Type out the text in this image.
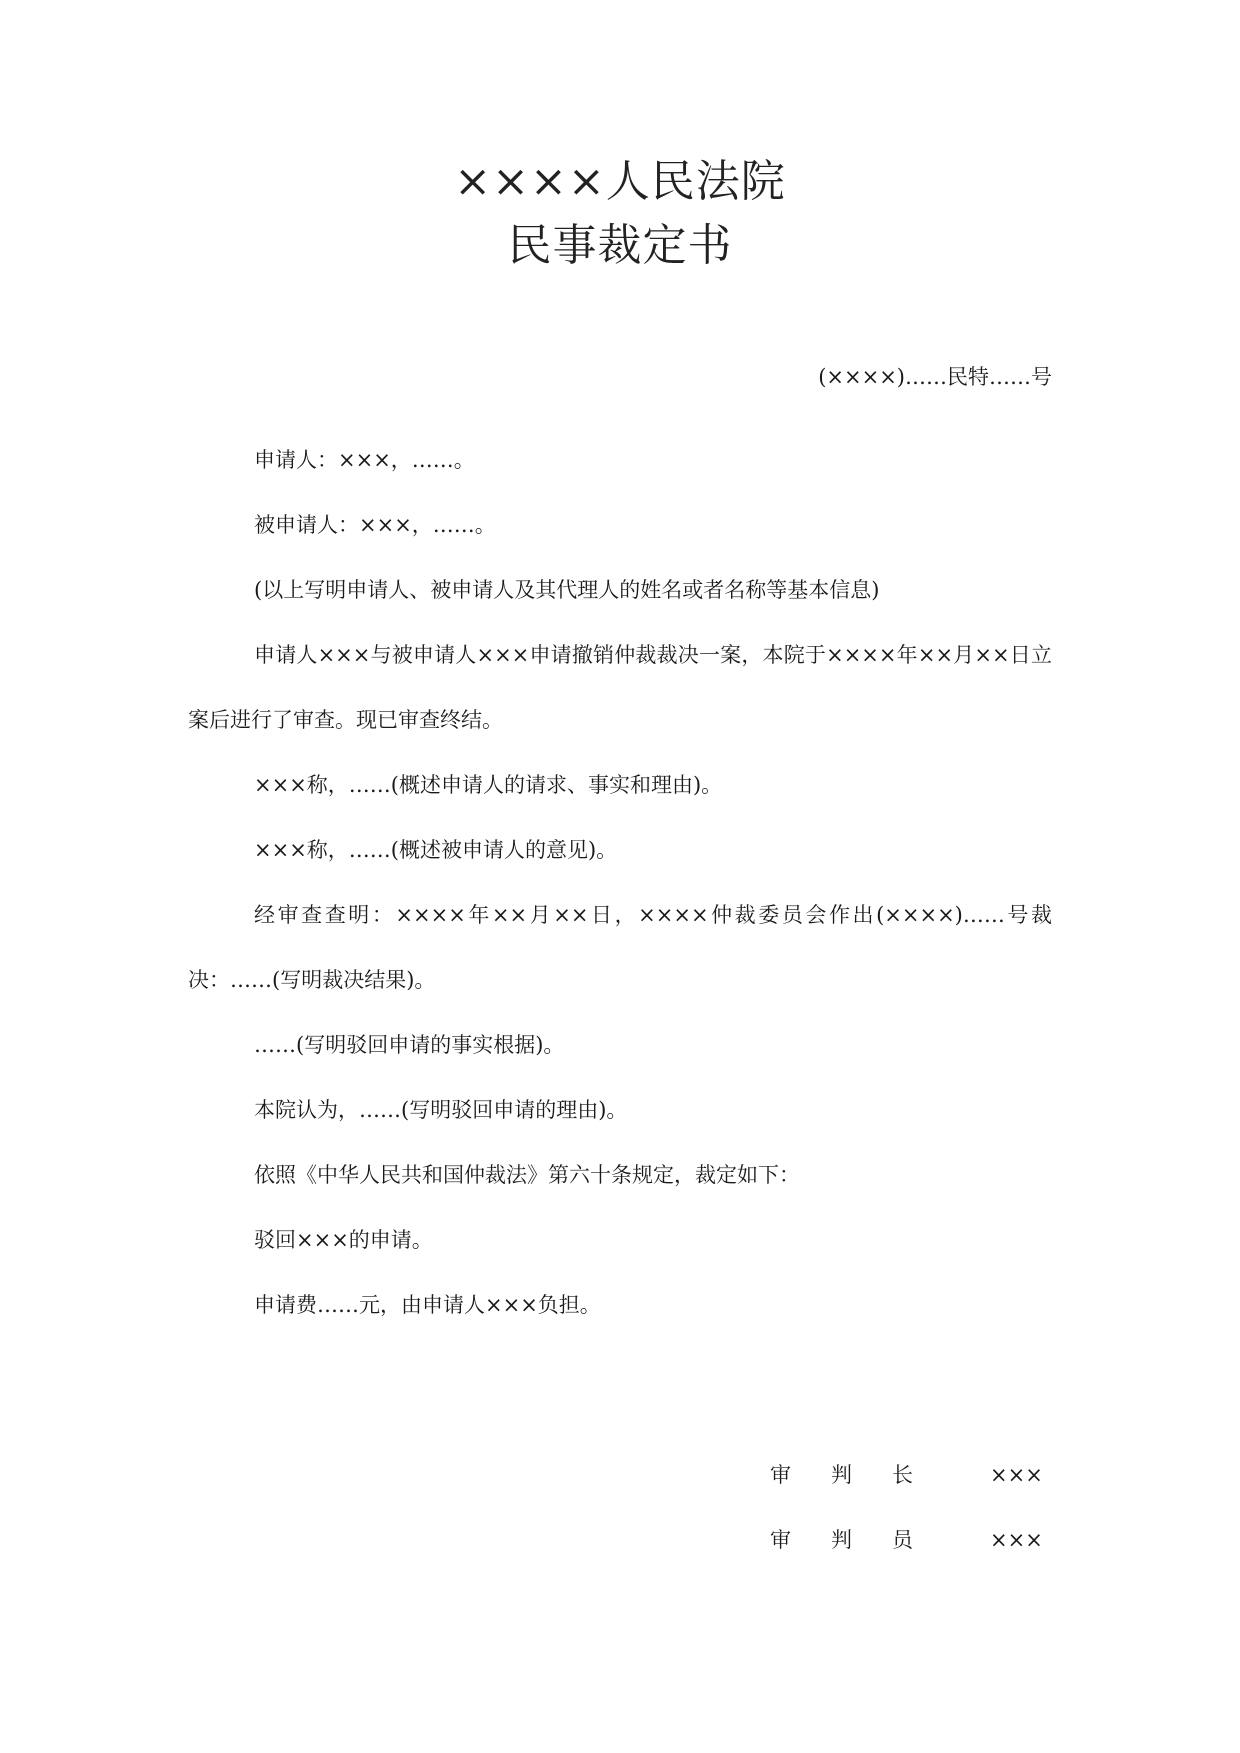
××××人民法院
民事裁定书
(××××)……民特……号

申请人：×××，……。

被申请人：×××，……。

(以上写明申请人、被申请人及其代理人的姓名或者名称等基本信息)

申请人×××与被申请人×××申请撤销仲裁裁决一案，本院于××××年××月××日立案后进行了审查。现已审查终结。

×××称，……(概述申请人的请求、事实和理由)。

×××称，……(概述被申请人的意见)。

经审查查明：××××年××月××日，××××仲裁委员会作出(××××)……号裁决：……(写明裁决结果)。

……(写明驳回申请的事实根据)。

本院认为，……(写明驳回申请的理由)。

依照《中华人民共和国仲裁法》第六十条规定，裁定如下：

驳回×××的申请。

申请费……元，由申请人×××负担。

审判长 ×××
审判员 ×××
